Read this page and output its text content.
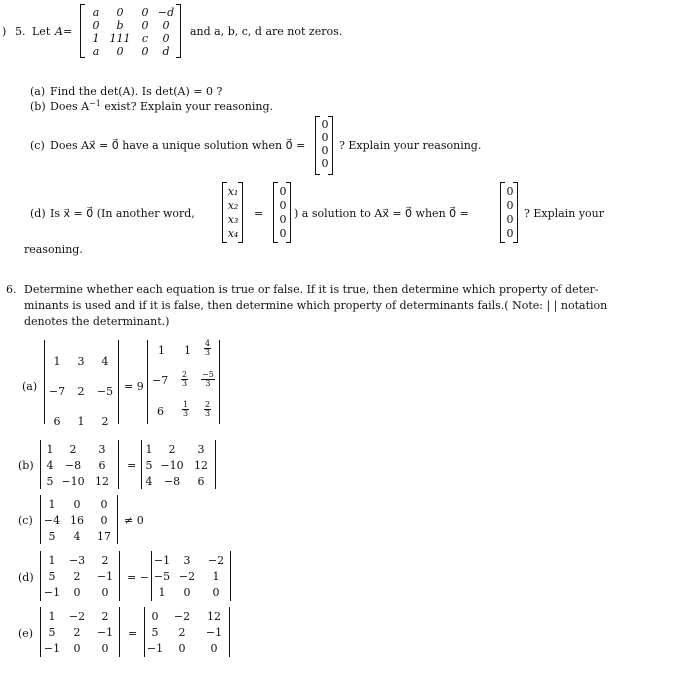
) 5. Let A=
a	0	0 −d
0	b	0	0
1 111	c	0
a	0	0	d
and a, b, c, d are not zeros.
(a) Find the det(A). Is det(A) = 0 ?
(b) Does $A^{-1}$ exist? Explain your reasoning.
(c) Does Ax⃗ = 0⃗ have a unique solution when 0⃗ =
0
0
0
0
? Explain your reasoning.
(d) Is x⃗ = 0⃗ (In another word,
x₁
x₂
x₃
x₄
=
0
0
0
0
) a solution to Ax⃗ = 0⃗ when 0⃗ =
0
0
0
0
? Explain your
reasoning.
6. Determine whether each equation is true or false. If it is true, then determine which property of deter-
minants is used and if it is false, then determine which property of determinants fails.( Note: | | notation
denotes the determinant.)
(a)
1	3	4
−7	2	−5
6	1	2
= 9
1 $1 \frac{4}{3}$
$-7 \frac{2}{3} \frac{-5}{3}$
$6 \frac{1}{3} \frac{2}{3}$
(b)
1	2	3
4	−8	6
5 −10 12
=
1	2	3
5 −10 12
4	−8	6
(c)
1	0	0
−4 16	0
5	4	17
≠ 0
(d)
1	−3	2
5	2	−1
−1	0	0
= −
−1	3	−2
−5 −2	1
1	0	0
(e)
1	−2	2
5	2	−1
−1	0	0
=
0	−2	12
5	2	−1
−1	0	0
